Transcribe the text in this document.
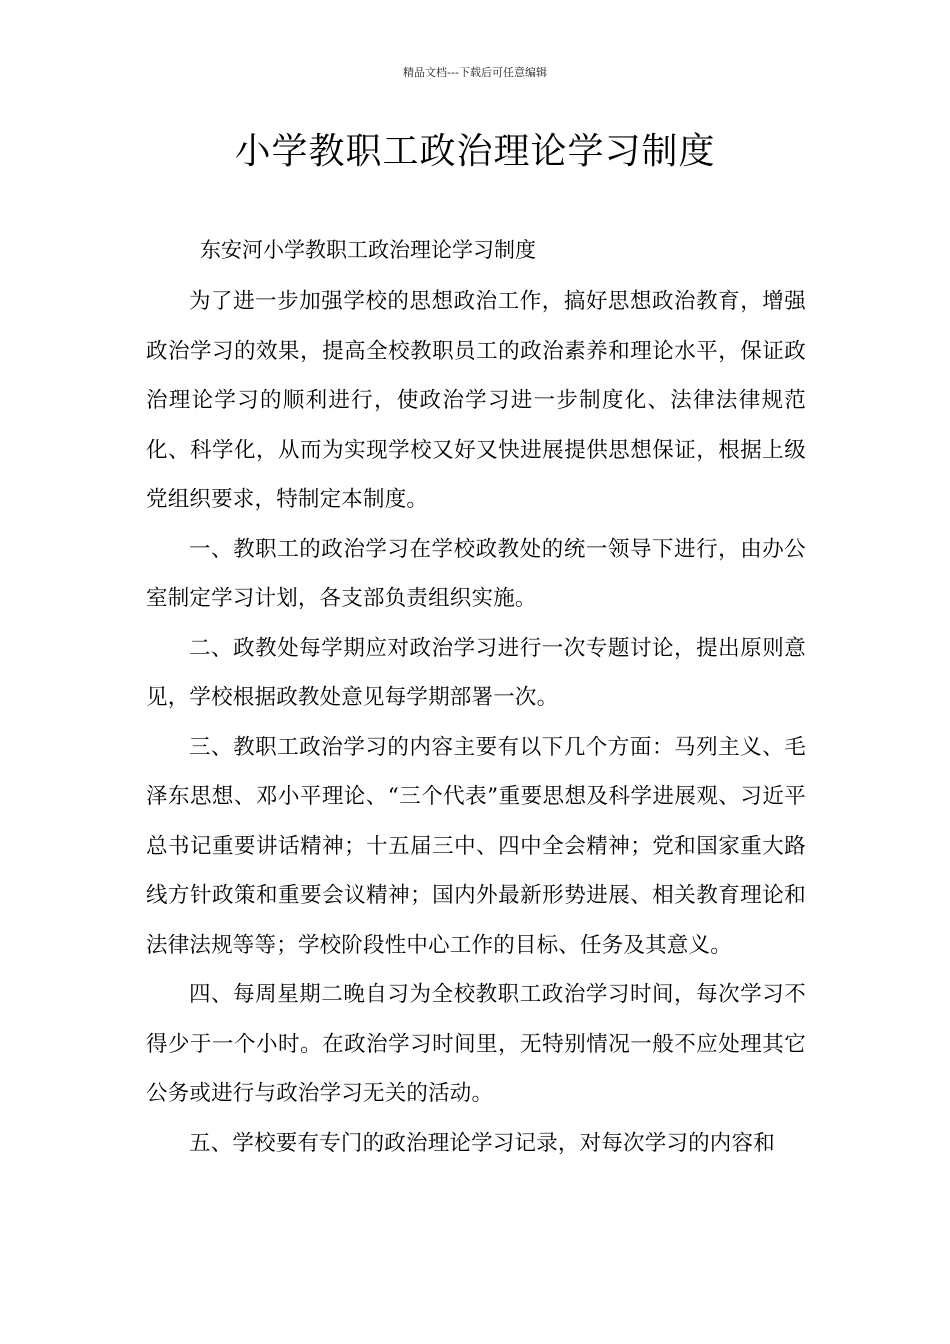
精品文档---下载后可任意编辑
小学教职工政治理论学习制度

东安河小学教职工政治理论学习制度

为了进一步加强学校的思想政治工作，搞好思想政治教育，增强政治学习的效果，提高全校教职员工的政治素养和理论水平，保证政治理论学习的顺利进行，使政治学习进一步制度化、法律法律规范化、科学化，从而为实现学校又好又快进展提供思想保证，根据上级党组织要求，特制定本制度。

一、教职工的政治学习在学校政教处的统一领导下进行，由办公室制定学习计划，各支部负责组织实施。

二、政教处每学期应对政治学习进行一次专题讨论，提出原则意见，学校根据政教处意见每学期部署一次。

三、教职工政治学习的内容主要有以下几个方面：马列主义、毛泽东思想、邓小平理论、“三个代表”重要思想及科学进展观、习近平总书记重要讲话精神；十五届三中、四中全会精神；党和国家重大路线方针政策和重要会议精神；国内外最新形势进展、相关教育理论和法律法规等等；学校阶段性中心工作的目标、任务及其意义。

四、每周星期二晚自习为全校教职工政治学习时间，每次学习不得少于一个小时。在政治学习时间里，无特别情况一般不应处理其它公务或进行与政治学习无关的活动。

五、学校要有专门的政治理论学习记录，对每次学习的内容和
